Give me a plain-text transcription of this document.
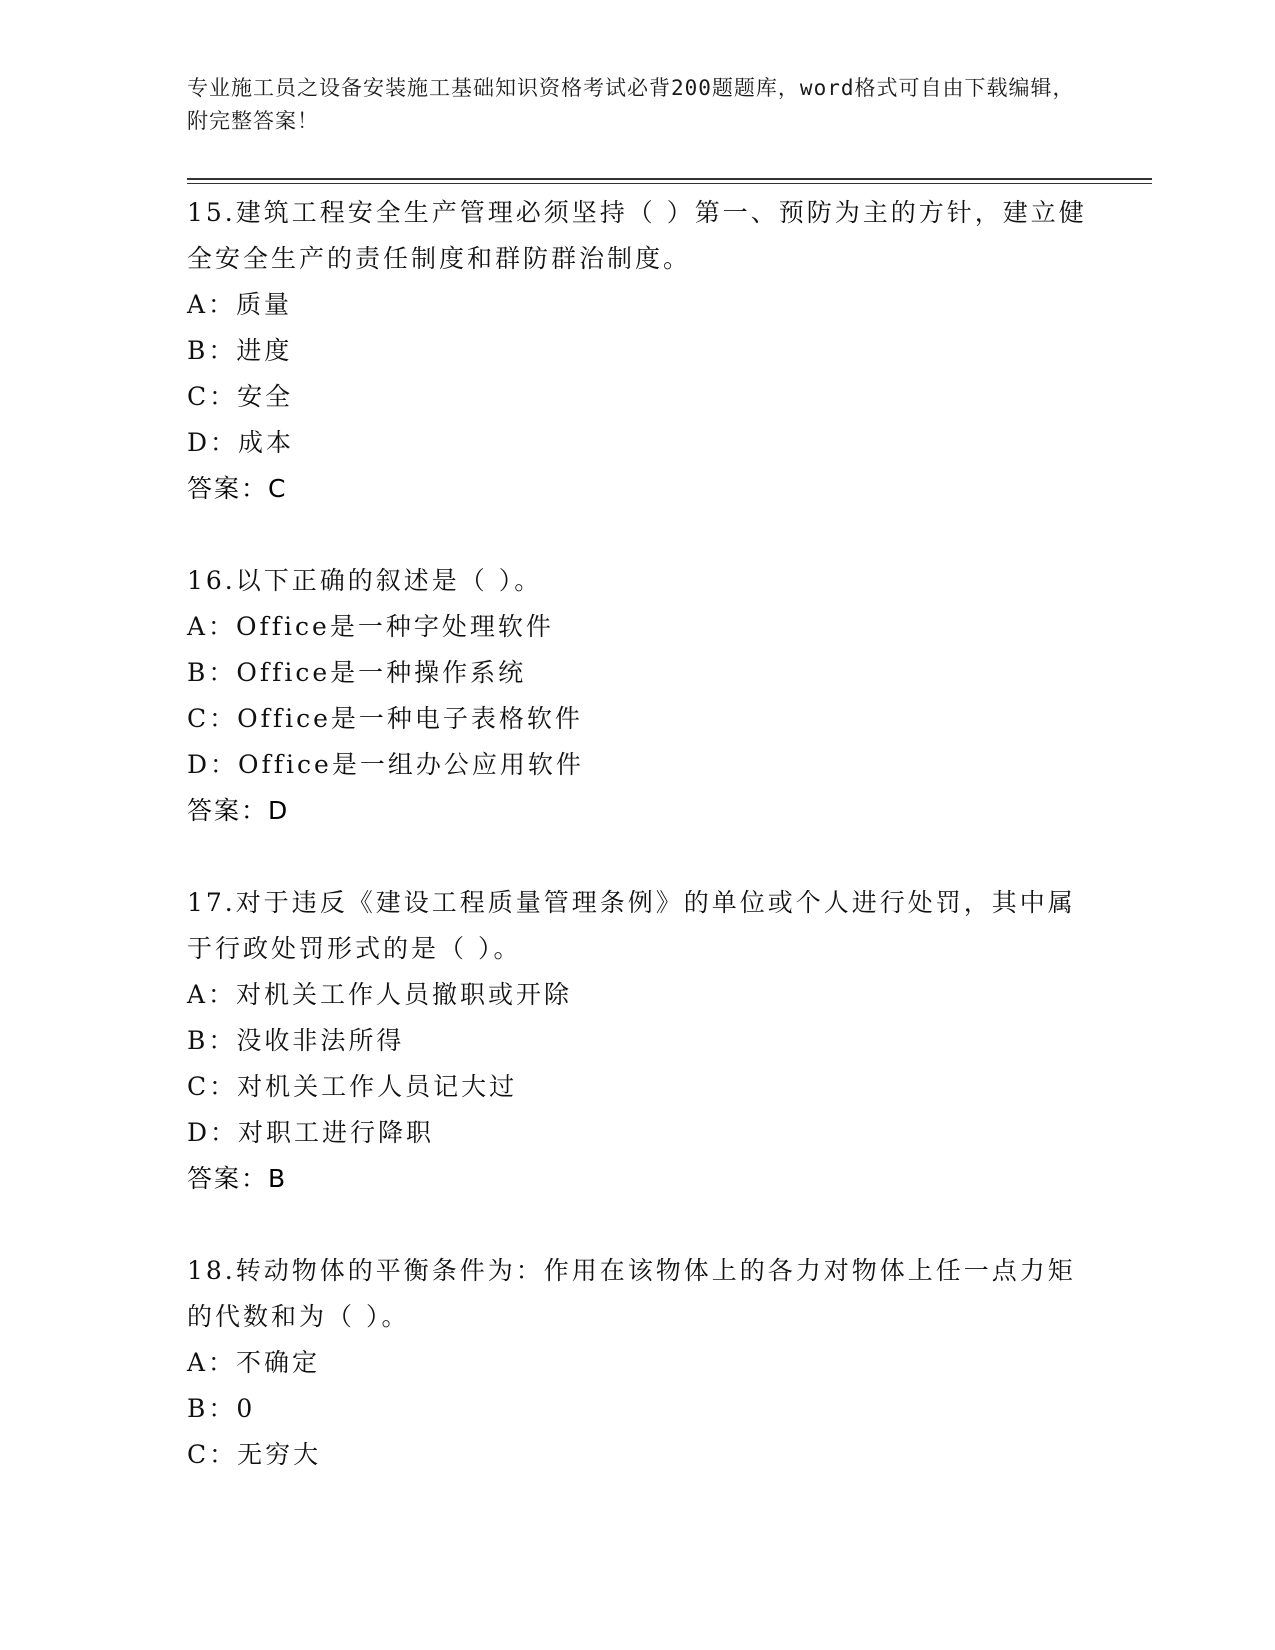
专业施工员之设备安装施工基础知识资格考试必背200题题库，word格式可自由下载编辑，附完整答案！

15.建筑工程安全生产管理必须坚持（ ）第一、预防为主的方针，建立健全安全生产的责任制度和群防群治制度。

A：质量

B：进度

C：安全

D：成本

答案：C

16.以下正确的叙述是（ ）。

A：Office是一种字处理软件

B：Office是一种操作系统

C：Office是一种电子表格软件

D：Office是一组办公应用软件

答案：D

17.对于违反《建设工程质量管理条例》的单位或个人进行处罚，其中属于行政处罚形式的是（ ）。

A：对机关工作人员撤职或开除

B：没收非法所得

C：对机关工作人员记大过

D：对职工进行降职

答案：B

18.转动物体的平衡条件为：作用在该物体上的各力对物体上任一点力矩的代数和为（ ）。

A：不确定

B：0

C：无穷大
